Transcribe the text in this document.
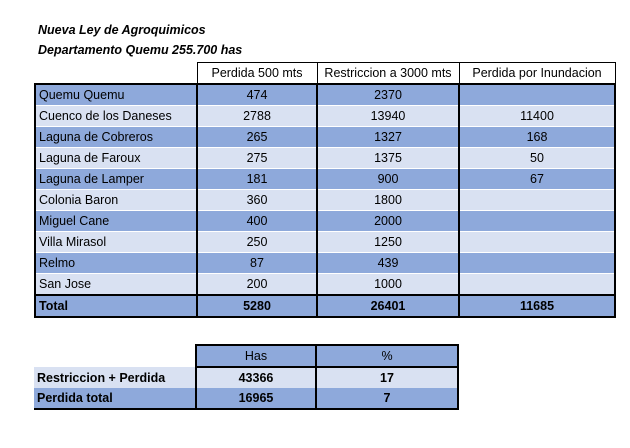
Nueva Ley de Agroquimicos
Departamento Quemu 255.700 has
	Perdida 500 mts	Restriccion a 3000 mts	Perdida por Inundacion
Quemu Quemu	474	2370	
Cuenco de los Daneses	2788	13940	11400
Laguna de Cobreros	265	1327	168
Laguna de Faroux	275	1375	50
Laguna de Lamper	181	900	67
Colonia Baron	360	1800	
Miguel Cane	400	2000	
Villa Mirasol	250	1250	
Relmo	87	439	
San Jose	200	1000	
Total	5280	26401	11685
	Has	%
Restriccion + Perdida	43366	17
Perdida total	16965	7
